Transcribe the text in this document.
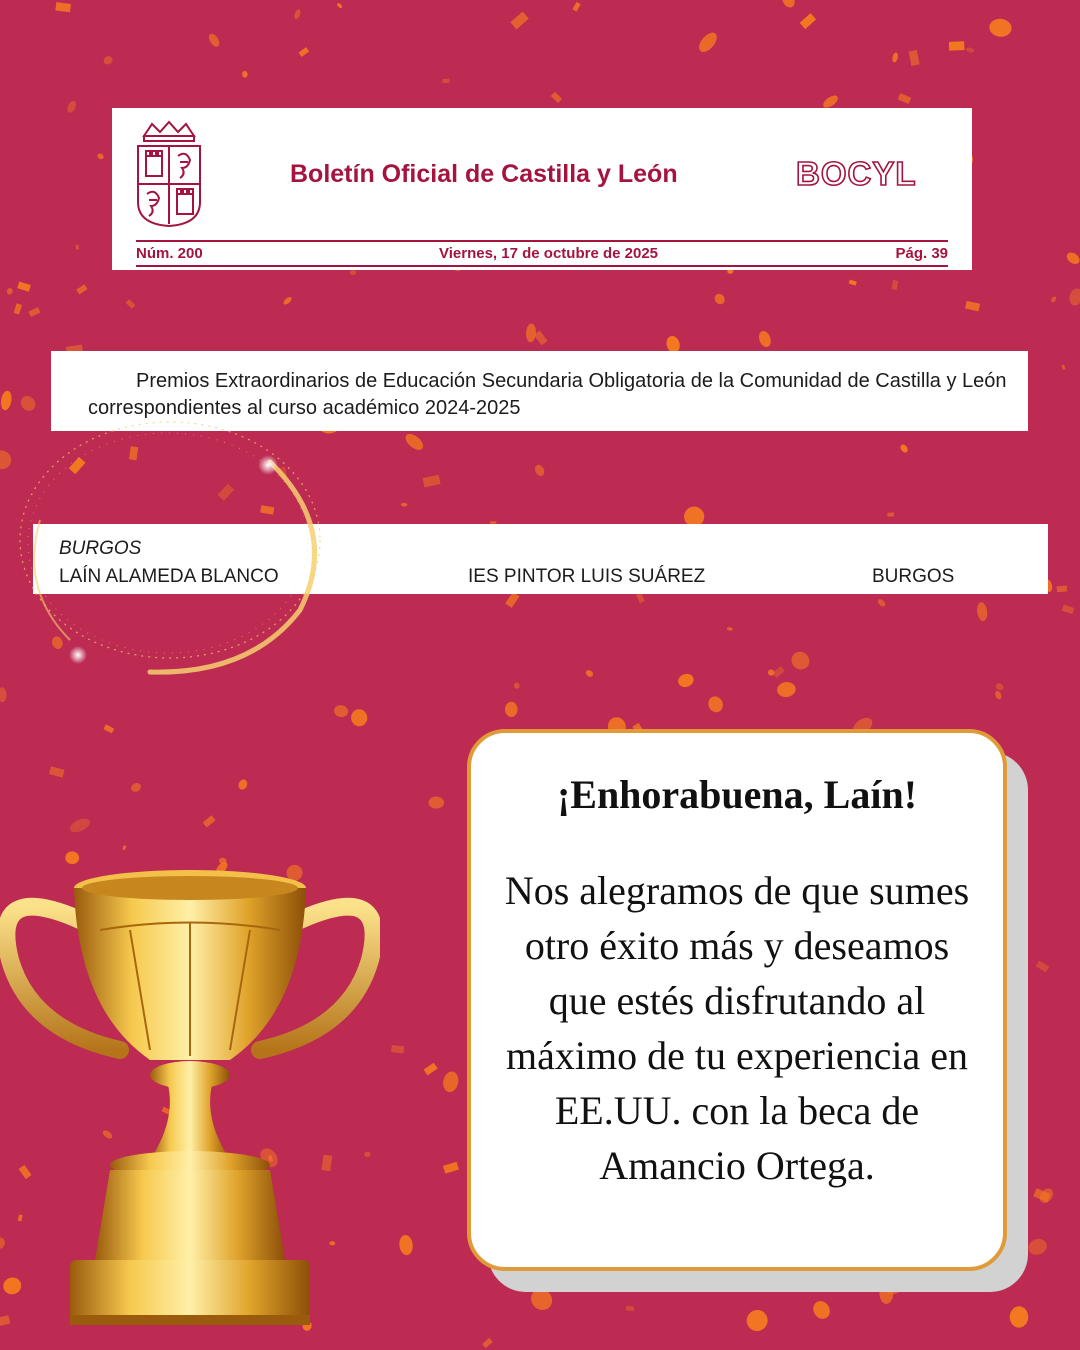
Boletín Oficial de Castilla y León	BOCYL
Núm. 200	Viernes, 17 de octubre de 2025	Pág. 39

Premios Extraordinarios de Educación Secundaria Obligatoria de la Comunidad de Castilla y León correspondientes al curso académico 2024-2025

BURGOS
LAÍN ALAMEDA BLANCO	IES PINTOR LUIS SUÁREZ	BURGOS
¡Enhorabuena, Laín!

Nos alegramos de que sumes otro éxito más y deseamos que estés disfrutando al máximo de tu experiencia en EE.UU. con la beca de Amancio Ortega.
